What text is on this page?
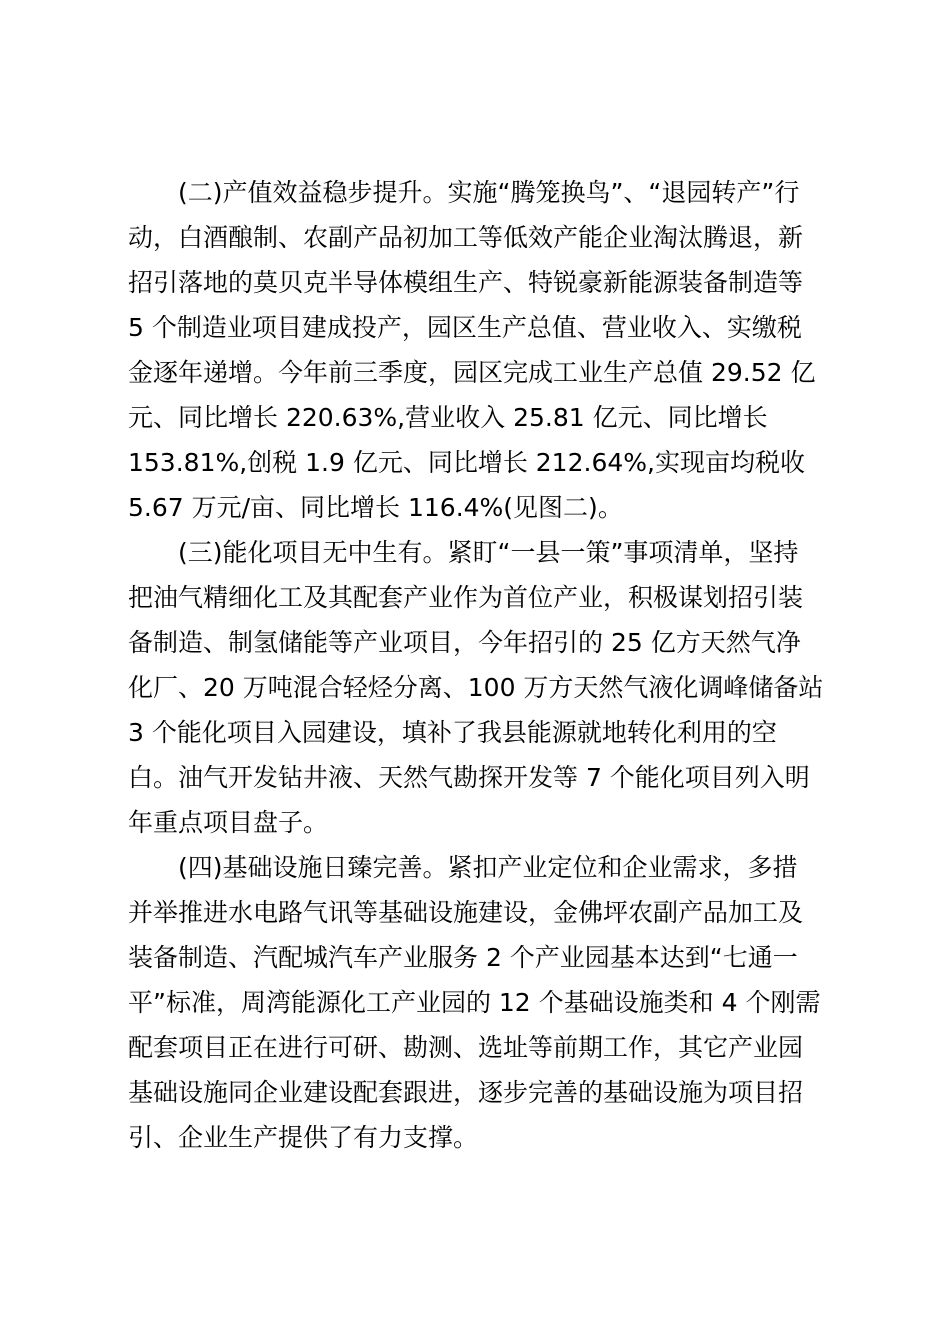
(二)产值效益稳步提升。实施“腾笼换鸟”、“退园转产”行
动，白酒酿制、农副产品初加工等低效产能企业淘汰腾退，新
招引落地的莫贝克半导体模组生产、特锐豪新能源装备制造等
5 个制造业项目建成投产，园区生产总值、营业收入、实缴税
金逐年递增。今年前三季度，园区完成工业生产总值 29.52 亿
元、同比增长 220.63%,营业收入 25.81 亿元、同比增长
153.81%,创税 1.9 亿元、同比增长 212.64%,实现亩均税收
5.67 万元/亩、同比增长 116.4%(见图二)。

(三)能化项目无中生有。紧盯“一县一策”事项清单，坚持
把油气精细化工及其配套产业作为首位产业，积极谋划招引装
备制造、制氢储能等产业项目，今年招引的 25 亿方天然气净
化厂、20 万吨混合轻烃分离、100 万方天然气液化调峰储备站
3 个能化项目入园建设，填补了我县能源就地转化利用的空
白。油气开发钻井液、天然气勘探开发等 7 个能化项目列入明
年重点项目盘子。

(四)基础设施日臻完善。紧扣产业定位和企业需求，多措
并举推进水电路气讯等基础设施建设，金佛坪农副产品加工及
装备制造、汽配城汽车产业服务 2 个产业园基本达到“七通一
平”标准，周湾能源化工产业园的 12 个基础设施类和 4 个刚需
配套项目正在进行可研、勘测、选址等前期工作，其它产业园
基础设施同企业建设配套跟进，逐步完善的基础设施为项目招
引、企业生产提供了有力支撑。
